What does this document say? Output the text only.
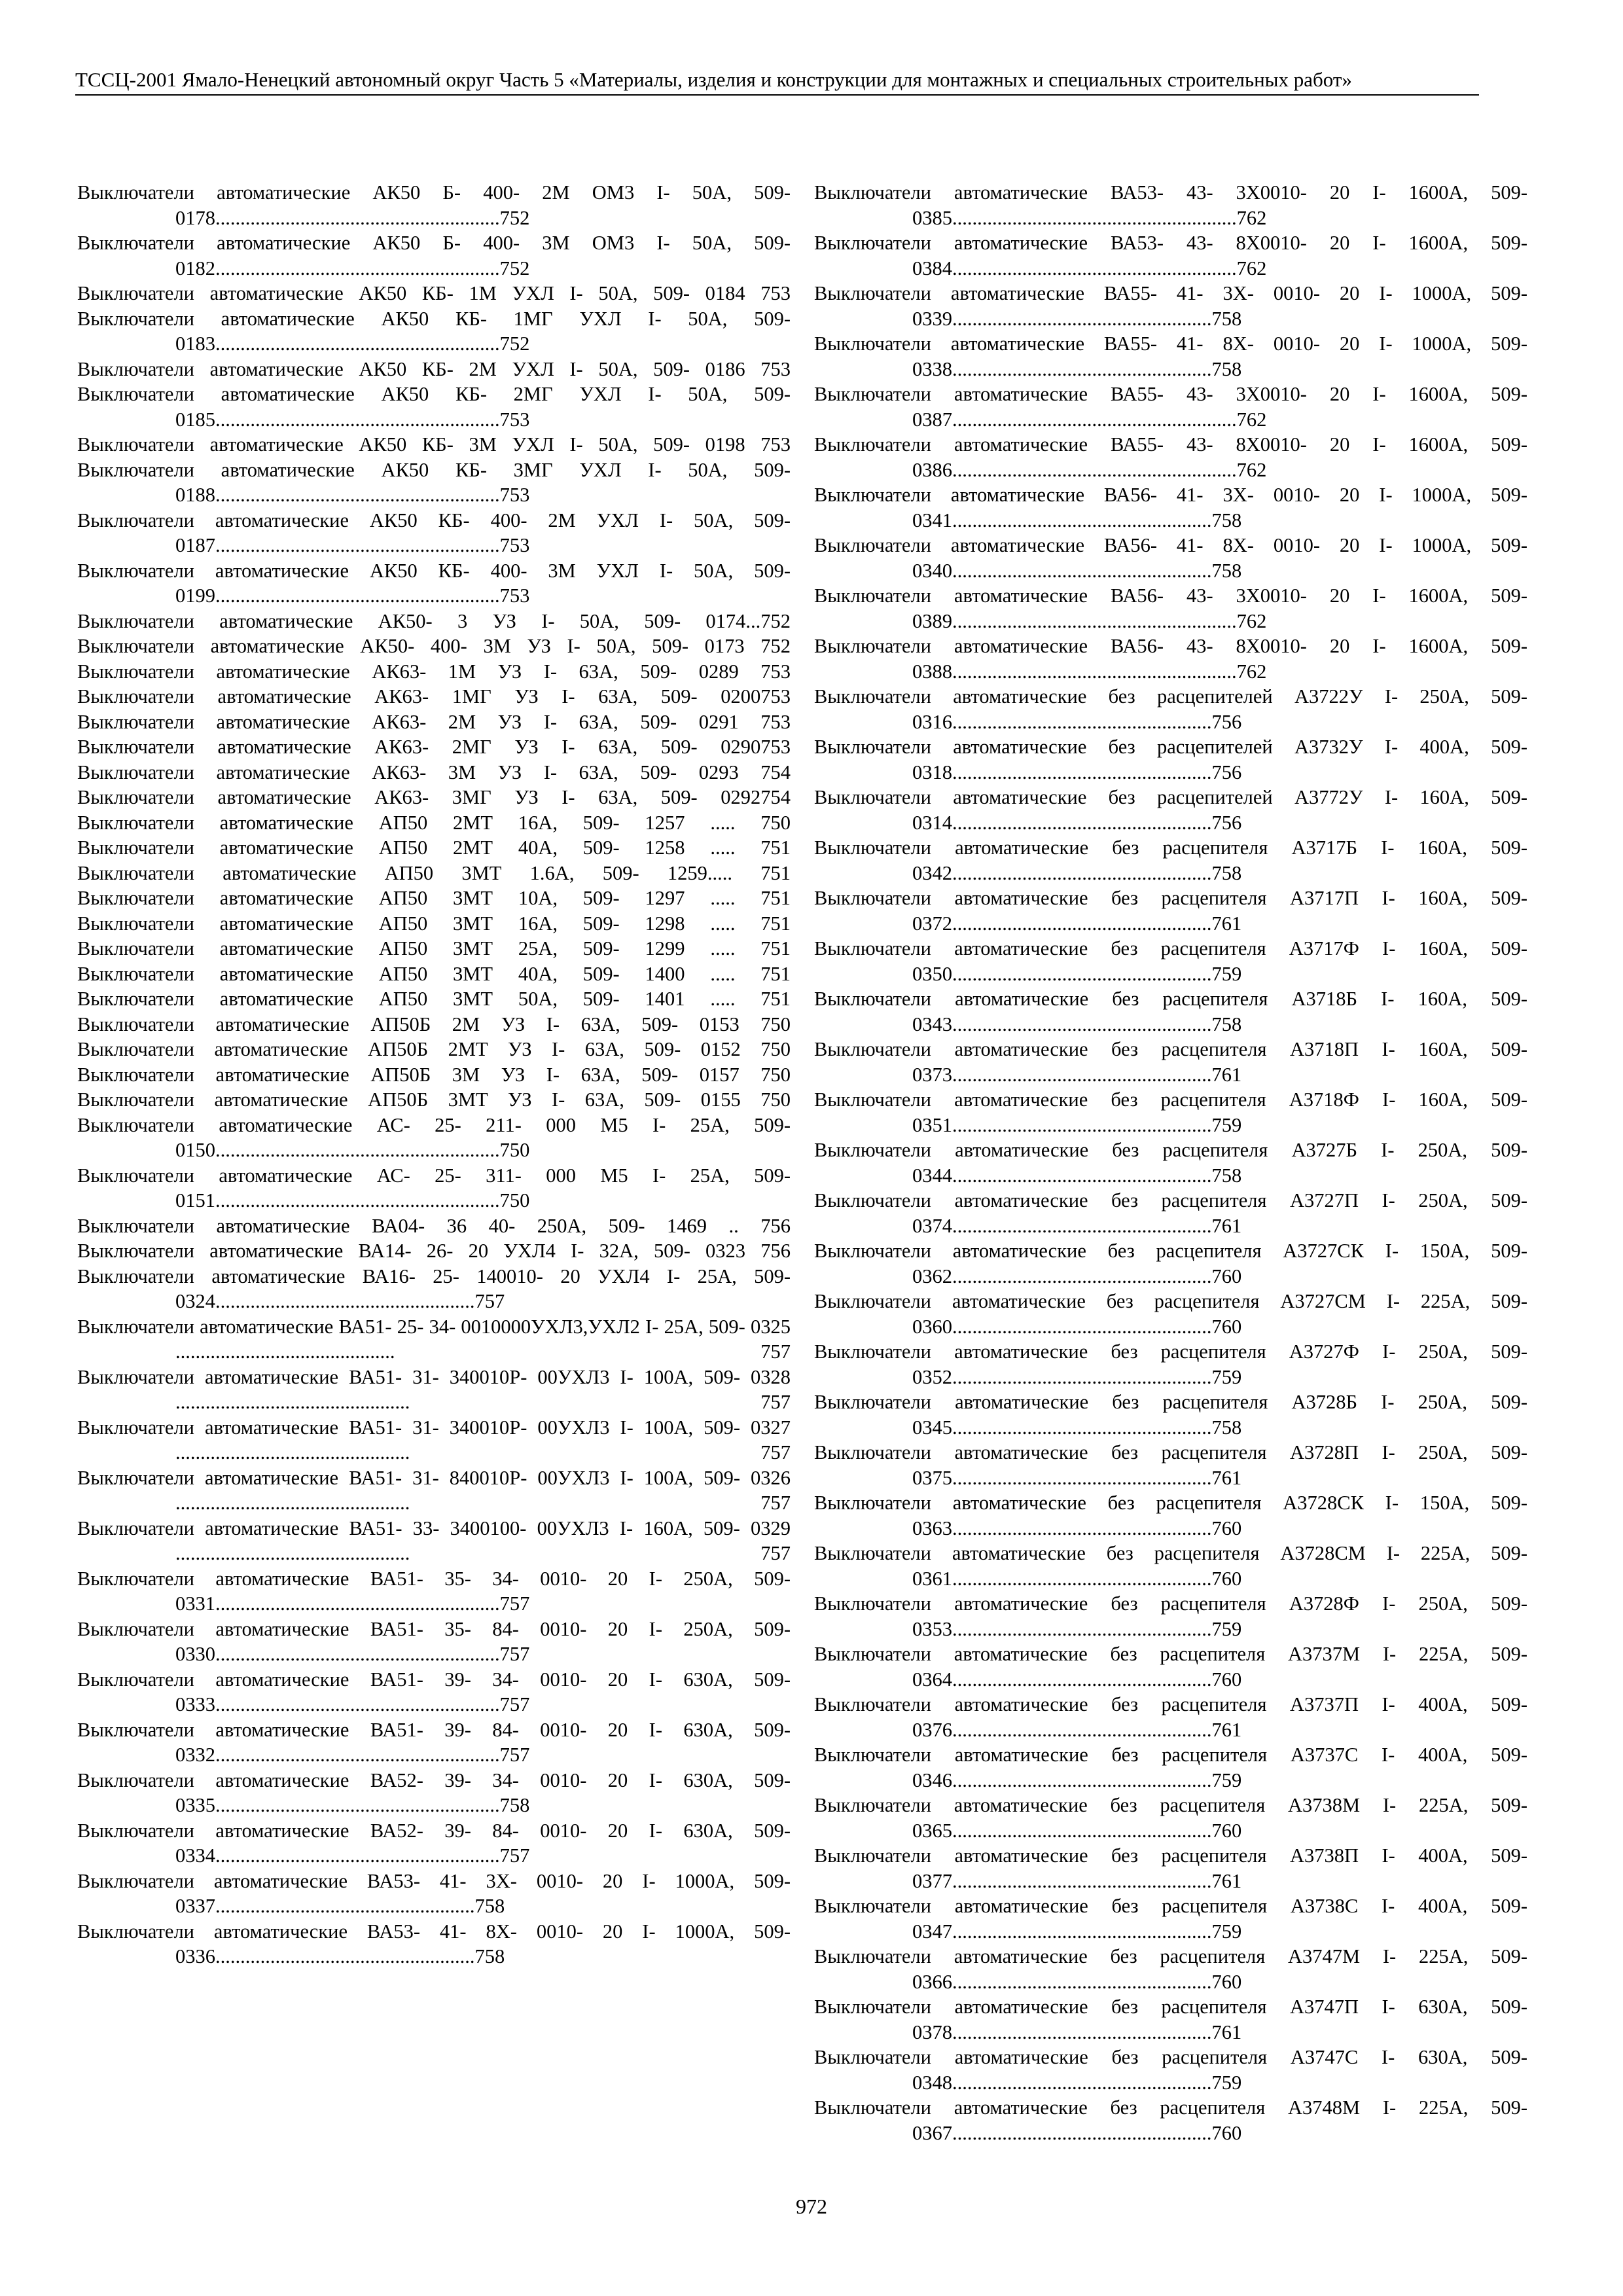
ТССЦ-2001 Ямало-Ненецкий автономный округ Часть 5 «Материалы, изделия и конструкции для монтажных и специальных строительных работ»
Выключатели автоматические АК50 Б- 400- 2М ОМ3 I- 50А, 509- 0178.........................................................752
Выключатели автоматические АК50 Б- 400- 3М ОМ3 I- 50А, 509- 0182.........................................................752
Выключатели автоматические АК50 КБ- 1М УХЛ I- 50А, 509- 0184 753
Выключатели автоматические АК50 КБ- 1МГ УХЛ I- 50А, 509- 0183.........................................................752
Выключатели автоматические АК50 КБ- 2М УХЛ I- 50А, 509- 0186 753
Выключатели автоматические АК50 КБ- 2МГ УХЛ I- 50А, 509- 0185.........................................................753
Выключатели автоматические АК50 КБ- 3М УХЛ I- 50А, 509- 0198 753
Выключатели автоматические АК50 КБ- 3МГ УХЛ I- 50А, 509- 0188.........................................................753
Выключатели автоматические АК50 КБ- 400- 2М УХЛ I- 50А, 509- 0187.........................................................753
Выключатели автоматические АК50 КБ- 400- 3М УХЛ I- 50А, 509- 0199.........................................................753
Выключатели автоматические АК50- 3 УЗ I- 50А, 509- 0174...752
Выключатели автоматические АК50- 400- 3М УЗ I- 50А, 509- 0173 752
Выключатели автоматические АК63- 1М УЗ I- 63А, 509- 0289 753
Выключатели автоматические АК63- 1МГ УЗ I- 63А, 509- 0200753
Выключатели автоматические АК63- 2М УЗ I- 63А, 509- 0291 753
Выключатели автоматические АК63- 2МГ УЗ I- 63А, 509- 0290753
Выключатели автоматические АК63- 3М УЗ I- 63А, 509- 0293 754
Выключатели автоматические АК63- 3МГ УЗ I- 63А, 509- 0292754
Выключатели автоматические АП50 2МТ 16А, 509- 1257 ..... 750
Выключатели автоматические АП50 2МТ 40А, 509- 1258 ..... 751
Выключатели автоматические АП50 3МТ 1.6А, 509- 1259..... 751
Выключатели автоматические АП50 3МТ 10А, 509- 1297 ..... 751
Выключатели автоматические АП50 3МТ 16А, 509- 1298 ..... 751
Выключатели автоматические АП50 3МТ 25А, 509- 1299 ..... 751
Выключатели автоматические АП50 3МТ 40А, 509- 1400 ..... 751
Выключатели автоматические АП50 3МТ 50А, 509- 1401 ..... 751
Выключатели автоматические АП50Б 2М УЗ I- 63А, 509- 0153 750
Выключатели автоматические АП50Б 2МТ УЗ I- 63А, 509- 0152 750
Выключатели автоматические АП50Б 3М УЗ I- 63А, 509- 0157 750
Выключатели автоматические АП50Б 3МТ УЗ I- 63А, 509- 0155 750
Выключатели автоматические АС- 25- 211- 000 М5 I- 25А, 509- 0150.........................................................750
Выключатели автоматические АС- 25- 311- 000 М5 I- 25А, 509- 0151.........................................................750
Выключатели автоматические ВА04- 36 40- 250А, 509- 1469 .. 756
Выключатели автоматические ВА14- 26- 20 УХЛ4 I- 32А, 509- 0323 756
Выключатели автоматические ВА16- 25- 140010- 20 УХЛ4 I- 25А, 509- 0324....................................................757
Выключатели автоматические ВА51- 25- 34- 0010000УХЛ3,УХЛ2 I- 25А, 509- 0325 ............................................ 757
Выключатели автоматические ВА51- 31- 340010Р- 00УХЛ3 I- 100А, 509- 0328 ............................................... 757
Выключатели автоматические ВА51- 31- 340010Р- 00УХЛ3 I- 100А, 509- 0327 ............................................... 757
Выключатели автоматические ВА51- 31- 840010Р- 00УХЛ3 I- 100А, 509- 0326 ............................................... 757
Выключатели автоматические ВА51- 33- 3400100- 00УХЛ3 I- 160А, 509- 0329 ............................................... 757
Выключатели автоматические ВА51- 35- 34- 0010- 20 I- 250А, 509- 0331.........................................................757
Выключатели автоматические ВА51- 35- 84- 0010- 20 I- 250А, 509- 0330.........................................................757
Выключатели автоматические ВА51- 39- 34- 0010- 20 I- 630А, 509- 0333.........................................................757
Выключатели автоматические ВА51- 39- 84- 0010- 20 I- 630А, 509- 0332.........................................................757
Выключатели автоматические ВА52- 39- 34- 0010- 20 I- 630А, 509- 0335.........................................................758
Выключатели автоматические ВА52- 39- 84- 0010- 20 I- 630А, 509- 0334.........................................................757
Выключатели автоматические ВА53- 41- 3Х- 0010- 20 I- 1000А, 509- 0337....................................................758
Выключатели автоматические ВА53- 41- 8Х- 0010- 20 I- 1000А, 509- 0336....................................................758
Выключатели автоматические ВА53- 43- 3Х0010- 20 I- 1600А, 509- 0385.........................................................762
Выключатели автоматические ВА53- 43- 8Х0010- 20 I- 1600А, 509- 0384.........................................................762
Выключатели автоматические ВА55- 41- 3Х- 0010- 20 I- 1000А, 509- 0339....................................................758
Выключатели автоматические ВА55- 41- 8Х- 0010- 20 I- 1000А, 509- 0338....................................................758
Выключатели автоматические ВА55- 43- 3Х0010- 20 I- 1600А, 509- 0387.........................................................762
Выключатели автоматические ВА55- 43- 8Х0010- 20 I- 1600А, 509- 0386.........................................................762
Выключатели автоматические ВА56- 41- 3Х- 0010- 20 I- 1000А, 509- 0341....................................................758
Выключатели автоматические ВА56- 41- 8Х- 0010- 20 I- 1000А, 509- 0340....................................................758
Выключатели автоматические ВА56- 43- 3Х0010- 20 I- 1600А, 509- 0389.........................................................762
Выключатели автоматические ВА56- 43- 8Х0010- 20 I- 1600А, 509- 0388.........................................................762
Выключатели автоматические без расцепителей А3722У I- 250А, 509- 0316....................................................756
Выключатели автоматические без расцепителей А3732У I- 400А, 509- 0318....................................................756
Выключатели автоматические без расцепителей А3772У I- 160А, 509- 0314....................................................756
Выключатели автоматические без расцепителя А3717Б I- 160А, 509- 0342....................................................758
Выключатели автоматические без расцепителя А3717П I- 160А, 509- 0372....................................................761
Выключатели автоматические без расцепителя А3717Ф I- 160А, 509- 0350....................................................759
Выключатели автоматические без расцепителя А3718Б I- 160А, 509- 0343....................................................758
Выключатели автоматические без расцепителя А3718П I- 160А, 509- 0373....................................................761
Выключатели автоматические без расцепителя А3718Ф I- 160А, 509- 0351....................................................759
Выключатели автоматические без расцепителя А3727Б I- 250А, 509- 0344....................................................758
Выключатели автоматические без расцепителя А3727П I- 250А, 509- 0374....................................................761
Выключатели автоматические без расцепителя А3727СК I- 150А, 509- 0362....................................................760
Выключатели автоматические без расцепителя А3727СМ I- 225А, 509- 0360....................................................760
Выключатели автоматические без расцепителя А3727Ф I- 250А, 509- 0352....................................................759
Выключатели автоматические без расцепителя А3728Б I- 250А, 509- 0345....................................................758
Выключатели автоматические без расцепителя А3728П I- 250А, 509- 0375....................................................761
Выключатели автоматические без расцепителя А3728СК I- 150А, 509- 0363....................................................760
Выключатели автоматические без расцепителя А3728СМ I- 225А, 509- 0361....................................................760
Выключатели автоматические без расцепителя А3728Ф I- 250А, 509- 0353....................................................759
Выключатели автоматические без расцепителя А3737М I- 225А, 509- 0364....................................................760
Выключатели автоматические без расцепителя А3737П I- 400А, 509- 0376....................................................761
Выключатели автоматические без расцепителя А3737С I- 400А, 509- 0346....................................................759
Выключатели автоматические без расцепителя А3738М I- 225А, 509- 0365....................................................760
Выключатели автоматические без расцепителя А3738П I- 400А, 509- 0377....................................................761
Выключатели автоматические без расцепителя А3738С I- 400А, 509- 0347....................................................759
Выключатели автоматические без расцепителя А3747М I- 225А, 509- 0366....................................................760
Выключатели автоматические без расцепителя А3747П I- 630А, 509- 0378....................................................761
Выключатели автоматические без расцепителя А3747С I- 630А, 509- 0348....................................................759
Выключатели автоматические без расцепителя А3748М I- 225А, 509- 0367....................................................760
972
